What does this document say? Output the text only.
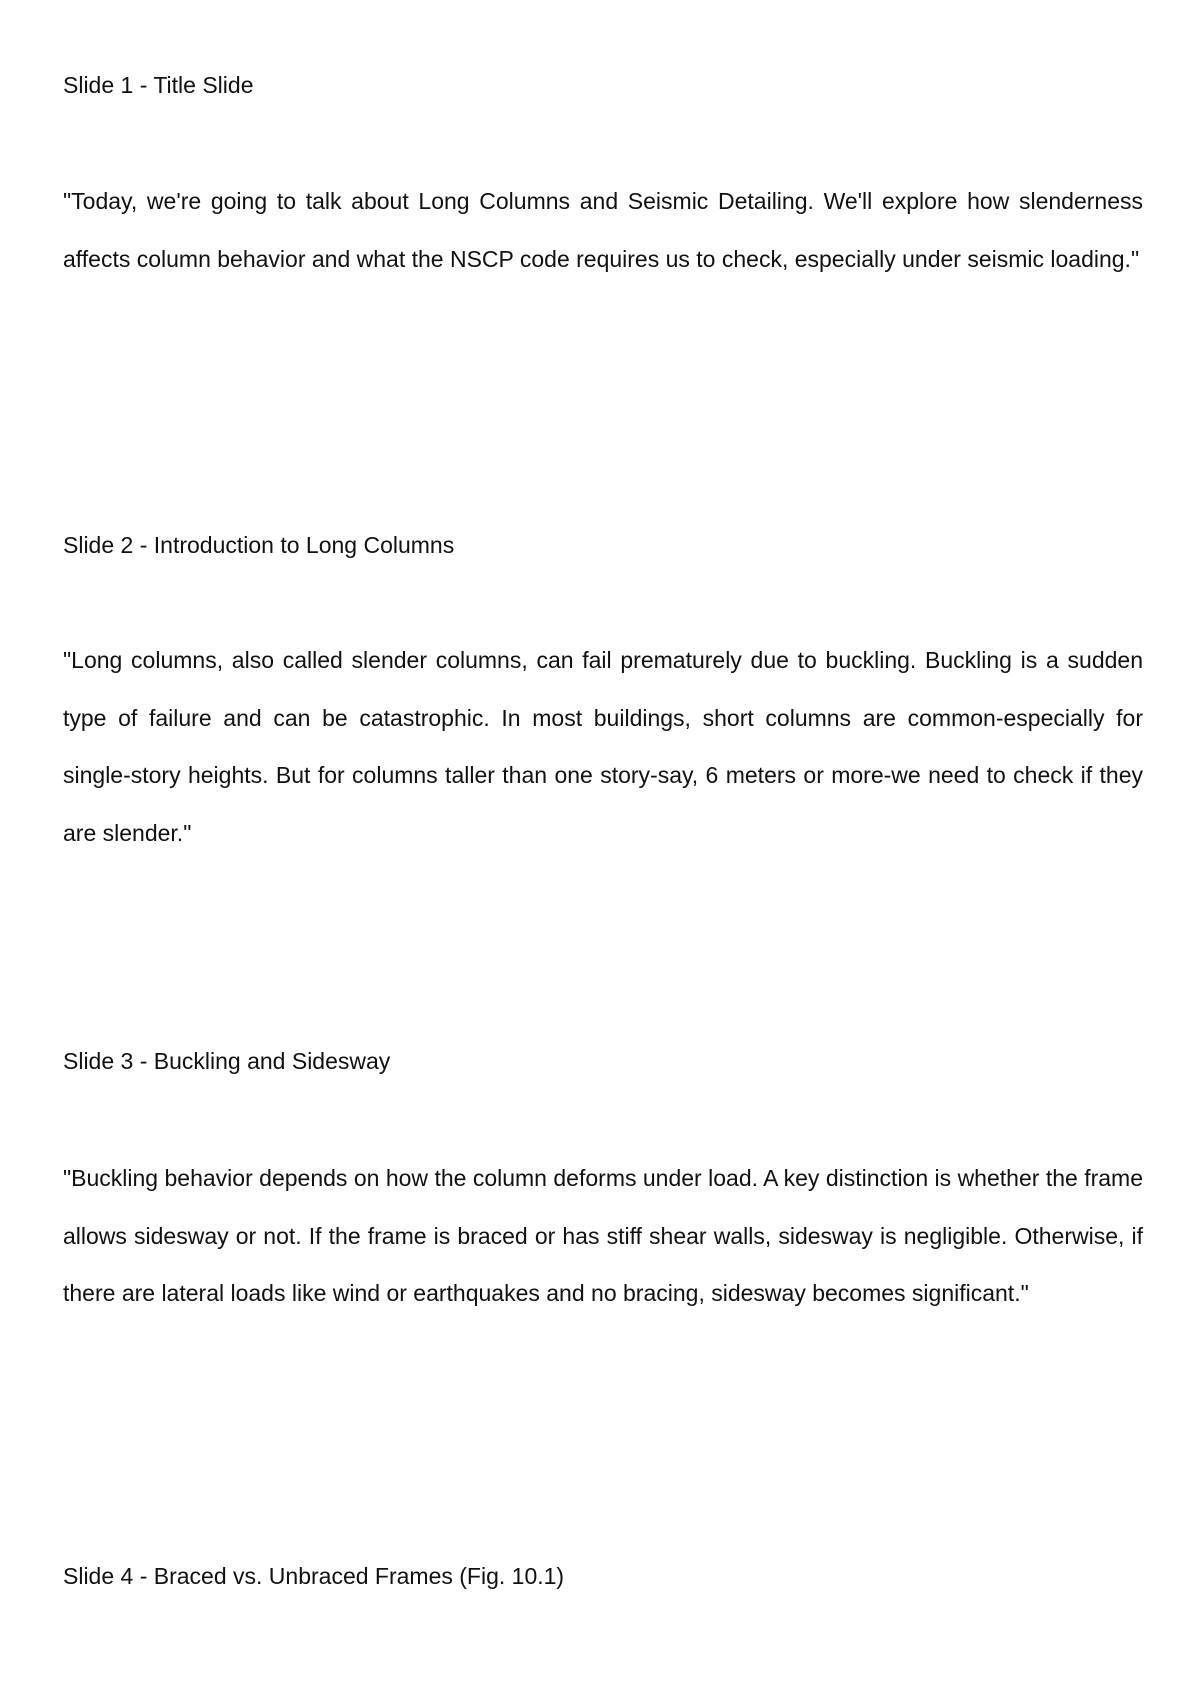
Slide 1 - Title Slide

"Today, we're going to talk about Long Columns and Seismic Detailing. We'll explore how slenderness affects column behavior and what the NSCP code requires us to check, especially under seismic loading."

Slide 2 - Introduction to Long Columns

"Long columns, also called slender columns, can fail prematurely due to buckling. Buckling is a sudden type of failure and can be catastrophic. In most buildings, short columns are common-especially for single-story heights. But for columns taller than one story-say, 6 meters or more-we need to check if they are slender."

Slide 3 - Buckling and Sidesway

"Buckling behavior depends on how the column deforms under load. A key distinction is whether the frame allows sidesway or not. If the frame is braced or has stiff shear walls, sidesway is negligible. Otherwise, if there are lateral loads like wind or earthquakes and no bracing, sidesway becomes significant."

Slide 4 - Braced vs. Unbraced Frames (Fig. 10.1)
